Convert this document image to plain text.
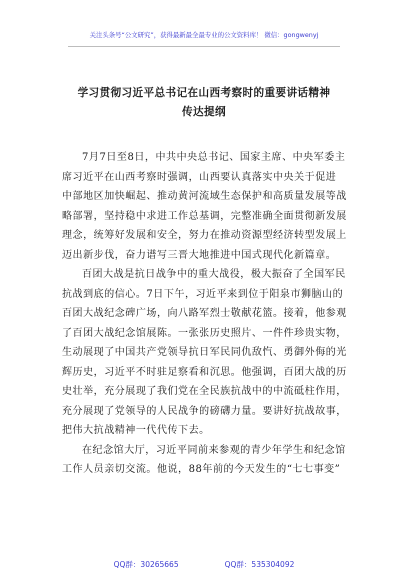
关注头条号“公文研究”，获得最新最全最专业的公文资料库！ 微信：gongwenyj
学习贯彻习近平总书记在山西考察时的重要讲话精神
传达提纲
7月7日至8日，中共中央总书记、国家主席、中央军委主
席习近平在山西考察时强调，山西要认真落实中央关于促进
中部地区加快崛起、推动黄河流域生态保护和高质量发展等战
略部署，坚持稳中求进工作总基调，完整准确全面贯彻新发展
理念，统筹好发展和安全，努力在推动资源型经济转型发展上
迈出新步伐，奋力谱写三晋大地推进中国式现代化新篇章。
百团大战是抗日战争中的重大战役，极大振奋了全国军民
抗战到底的信心。7日下午，习近平来到位于阳泉市狮脑山的
百团大战纪念碑广场，向八路军烈士敬献花篮。接着，他参观
了百团大战纪念馆展陈。一张张历史照片、一件件珍贵实物，
生动展现了中国共产党领导抗日军民同仇敌忾、勇御外侮的光
辉历史，习近平不时驻足察看和沉思。他强调，百团大战的历
史壮举，充分展现了我们党在全民族抗战中的中流砥柱作用，
充分展现了党领导的人民战争的磅礴力量。要讲好抗战故事，
把伟大抗战精神一代代传下去。
在纪念馆大厅，习近平同前来参观的青少年学生和纪念馆
工作人员亲切交流。他说，88年前的今天发生的“七七事变”
QQ群：30265665	QQ群：535304092
